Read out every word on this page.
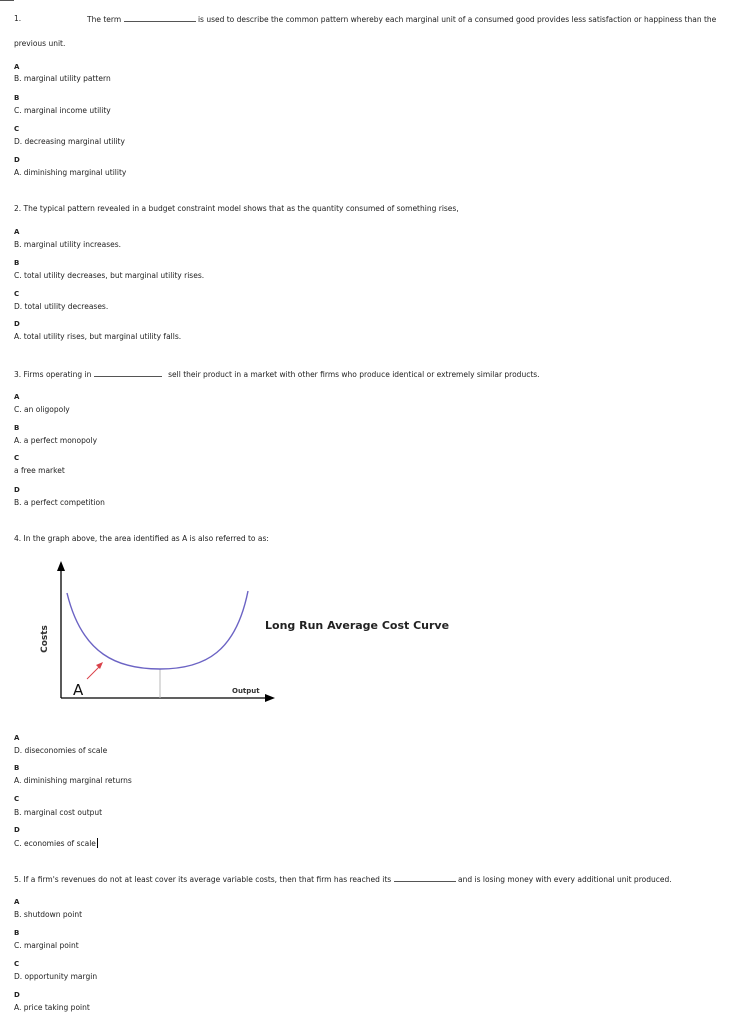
1.	The term	is used to describe the common pattern whereby each marginal unit of a consumed good provides less satisfaction or happiness than the
previous unit.
A
B. marginal utility pattern
B
C. marginal income utility
C
D. decreasing marginal utility
D
A. diminishing marginal utility
2. The typical pattern revealed in a budget constraint model shows that as the quantity consumed of something rises,
A
B. marginal utility increases.
B
C. total utility decreases, but marginal utility rises.
C
D. total utility decreases.
D
A. total utility rises, but marginal utility falls.
3. Firms operating in	sell their product in a market with other firms who produce identical or extremely similar products.
A
C. an oligopoly
B
A. a perfect monopoly
C
a free market
D
B. a perfect competition
4. In the graph above, the area identified as A is also referred to as:
Costs
Output
Long Run Average Cost Curve
A
A
D. diseconomies of scale
B
A. diminishing marginal returns
C
B. marginal cost output
D
C. economies of scale
5. If a firm's revenues do not at least cover its average variable costs, then that firm has reached its	and is losing money with every additional unit produced.
A
B. shutdown point
B
C. marginal point
C
D. opportunity margin
D
A. price taking point
